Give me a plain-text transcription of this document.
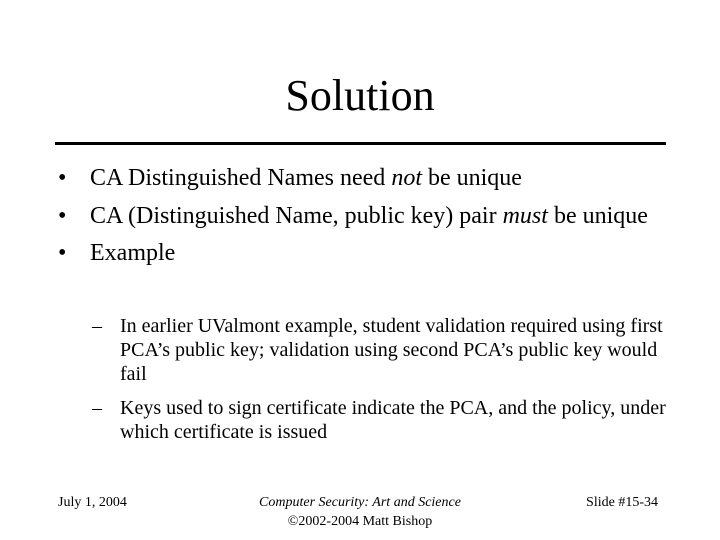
Solution
• CA Distinguished Names need not be unique
• CA (Distinguished Name, public key) pair must be unique
• Example
– In earlier UValmont example, student validation required using first PCA’s public key; validation using second PCA’s public key would fail
– Keys used to sign certificate indicate the PCA, and the policy, under which certificate is issued
July 1, 2004	Computer Security: Art and Science
©2002-2004 Matt Bishop
Slide #15-34
